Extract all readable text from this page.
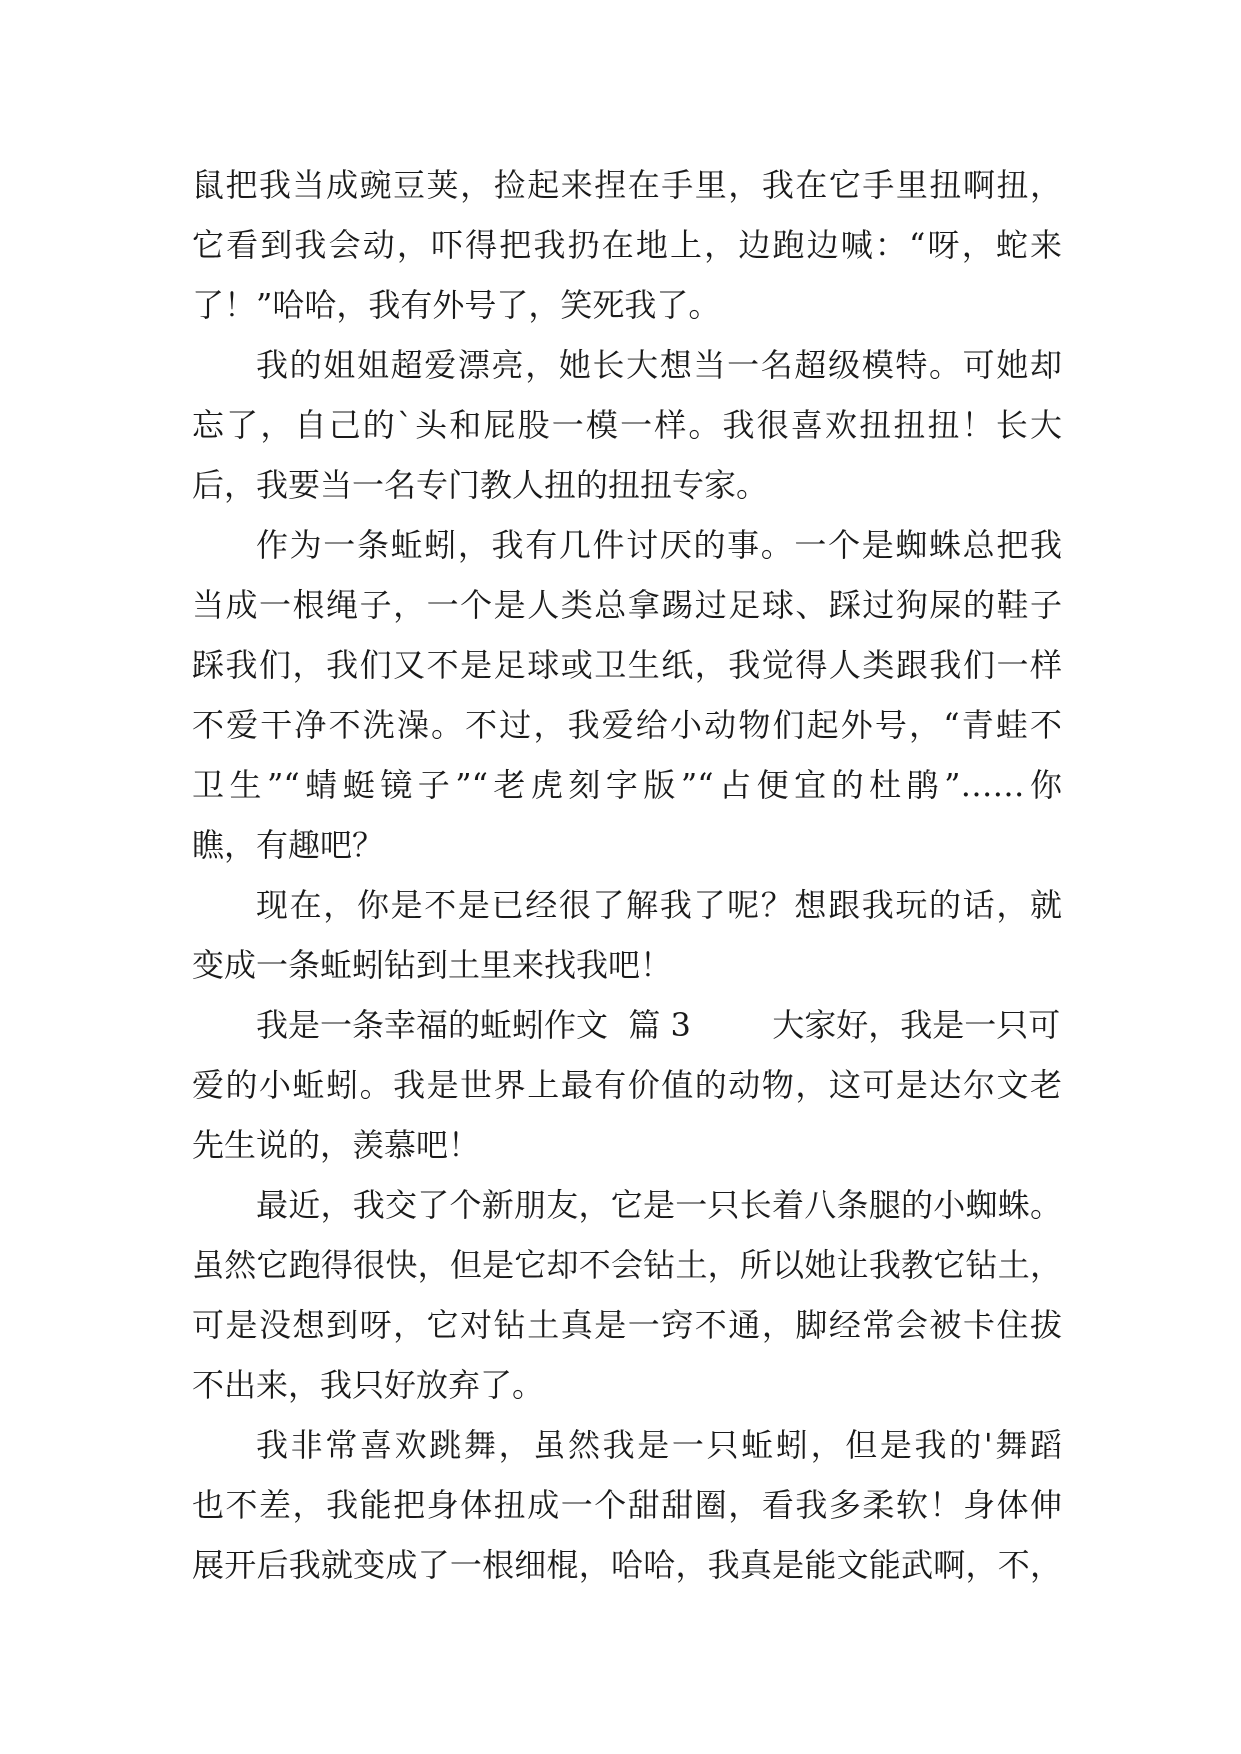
鼠把我当成豌豆荚，捡起来捏在手里，我在它手里扭啊扭，
它看到我会动，吓得把我扔在地上，边跑边喊：“呀，蛇来
了！”哈哈，我有外号了，笑死我了。
我的姐姐超爱漂亮，她长大想当一名超级模特。可她却
忘了，自己的`头和屁股一模一样。我很喜欢扭扭扭！长大
后，我要当一名专门教人扭的扭扭专家。
作为一条蚯蚓，我有几件讨厌的事。一个是蜘蛛总把我
当成一根绳子，一个是人类总拿踢过足球、踩过狗屎的鞋子
踩我们，我们又不是足球或卫生纸，我觉得人类跟我们一样
不爱干净不洗澡。不过，我爱给小动物们起外号，“青蛙不
卫生”“蜻蜓镜子”“老虎刻字版”“占便宜的杜鹃”……你
瞧，有趣吧？
现在，你是不是已经很了解我了呢？想跟我玩的话，就
变成一条蚯蚓钻到土里来找我吧！
我是一条幸福的蚯蚓作文  篇 3        大家好，我是一只可
爱的小蚯蚓。我是世界上最有价值的动物，这可是达尔文老
先生说的，羡慕吧！
最近，我交了个新朋友，它是一只长着八条腿的小蜘蛛。
虽然它跑得很快，但是它却不会钻土，所以她让我教它钻土，
可是没想到呀，它对钻土真是一窍不通，脚经常会被卡住拔
不出来，我只好放弃了。
我非常喜欢跳舞，虽然我是一只蚯蚓，但是我的'舞蹈
也不差，我能把身体扭成一个甜甜圈，看我多柔软！身体伸
展开后我就变成了一根细棍，哈哈，我真是能文能武啊，不，
